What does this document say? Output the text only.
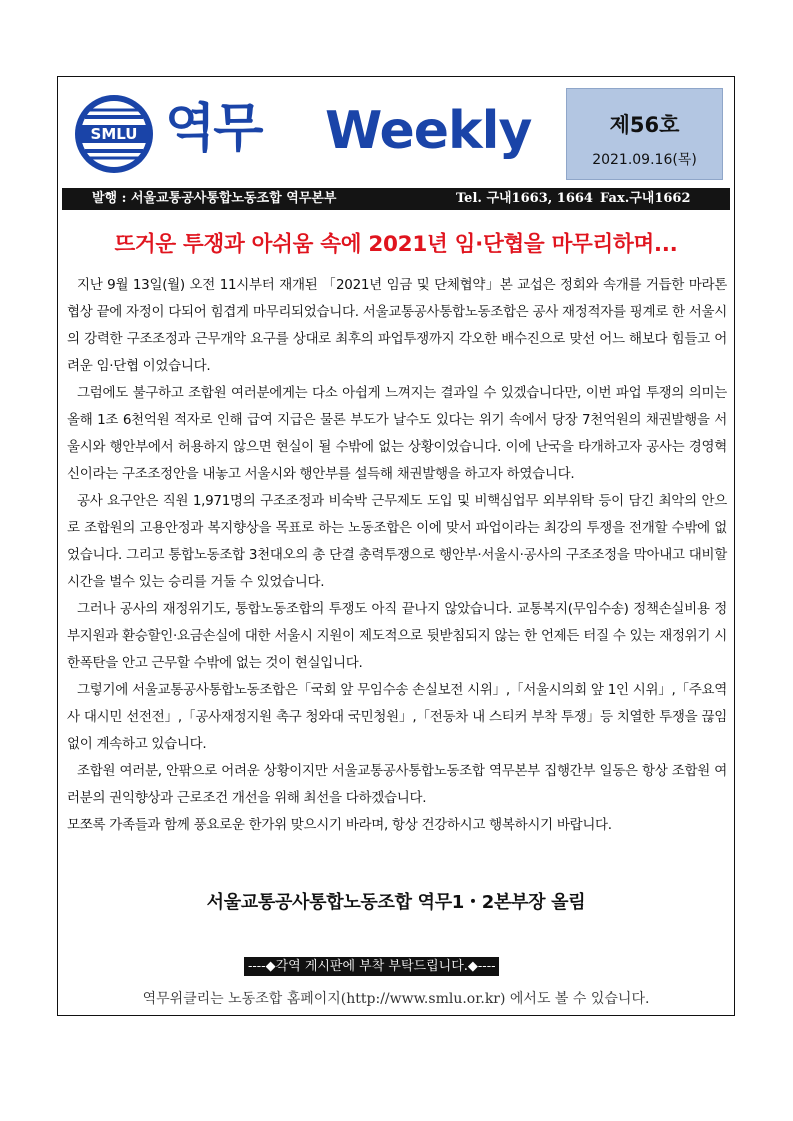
SMLU 역무 Weekly	제56호
2021.09.16(목)
발행 : 서울교통공사통합노동조합 역무본부	Tel. 구내1663, 1664 Fax.구내1662
뜨거운 투쟁과 아쉬움 속에 2021년 임·단협을 마무리하며...

지난 9월 13일(월) 오전 11시부터 재개된 「2021년 임금 및 단체협약」본 교섭은 정회와 속개를 거듭한 마라톤협상 끝에 자정이 다되어 힘겹게 마무리되었습니다. 서울교통공사통합노동조합은 공사 재정적자를 핑계로 한 서울시의 강력한 구조조정과 근무개악 요구를 상대로 최후의 파업투쟁까지 각오한 배수진으로 맞선 어느 해보다 힘들고 어려운 임·단협 이었습니다.

그럼에도 불구하고 조합원 여러분에게는 다소 아쉽게 느껴지는 결과일 수 있겠습니다만, 이번 파업 투쟁의 의미는 올해 1조 6천억원 적자로 인해 급여 지급은 물론 부도가 날수도 있다는 위기 속에서 당장 7천억원의 채권발행을 서울시와 행안부에서 허용하지 않으면 현실이 될 수밖에 없는 상황이었습니다. 이에 난국을 타개하고자 공사는 경영혁신이라는 구조조정안을 내놓고 서울시와 행안부를 설득해 채권발행을 하고자 하였습니다.

공사 요구안은 직원 1,971명의 구조조정과 비숙박 근무제도 도입 및 비핵심업무 외부위탁 등이 담긴 최악의 안으로 조합원의 고용안정과 복지향상을 목표로 하는 노동조합은 이에 맞서 파업이라는 최강의 투쟁을 전개할 수밖에 없었습니다. 그리고 통합노동조합 3천대오의 총 단결 총력투쟁으로 행안부·서울시·공사의 구조조정을 막아내고 대비할 시간을 벌수 있는 승리를 거둘 수 있었습니다.

그러나 공사의 재정위기도, 통합노동조합의 투쟁도 아직 끝나지 않았습니다. 교통복지(무임수송) 정책손실비용 정부지원과 환승할인·요금손실에 대한 서울시 지원이 제도적으로 뒷받침되지 않는 한 언제든 터질 수 있는 재정위기 시한폭탄을 안고 근무할 수밖에 없는 것이 현실입니다.

그렇기에 서울교통공사통합노동조합은「국회 앞 무임수송 손실보전 시위」,「서울시의회 앞 1인 시위」,「주요역사 대시민 선전전」,「공사재정지원 촉구 청와대 국민청원」,「전동차 내 스티커 부착 투쟁」등 치열한 투쟁을 끊임없이 계속하고 있습니다.

조합원 여러분, 안팎으로 어려운 상황이지만 서울교통공사통합노동조합 역무본부 집행간부 일동은 항상 조합원 여러분의 권익향상과 근로조건 개선을 위해 최선을 다하겠습니다.

모쪼록 가족들과 함께 풍요로운 한가위 맞으시기 바라며, 항상 건강하시고 행복하시기 바랍니다.

서울교통공사통합노동조합 역무1・2본부장 올림
----◆각역 게시판에 부착 부탁드립니다.◆----
역무위클리는 노동조합 홈페이지(http://www.smlu.or.kr) 에서도 볼 수 있습니다.
